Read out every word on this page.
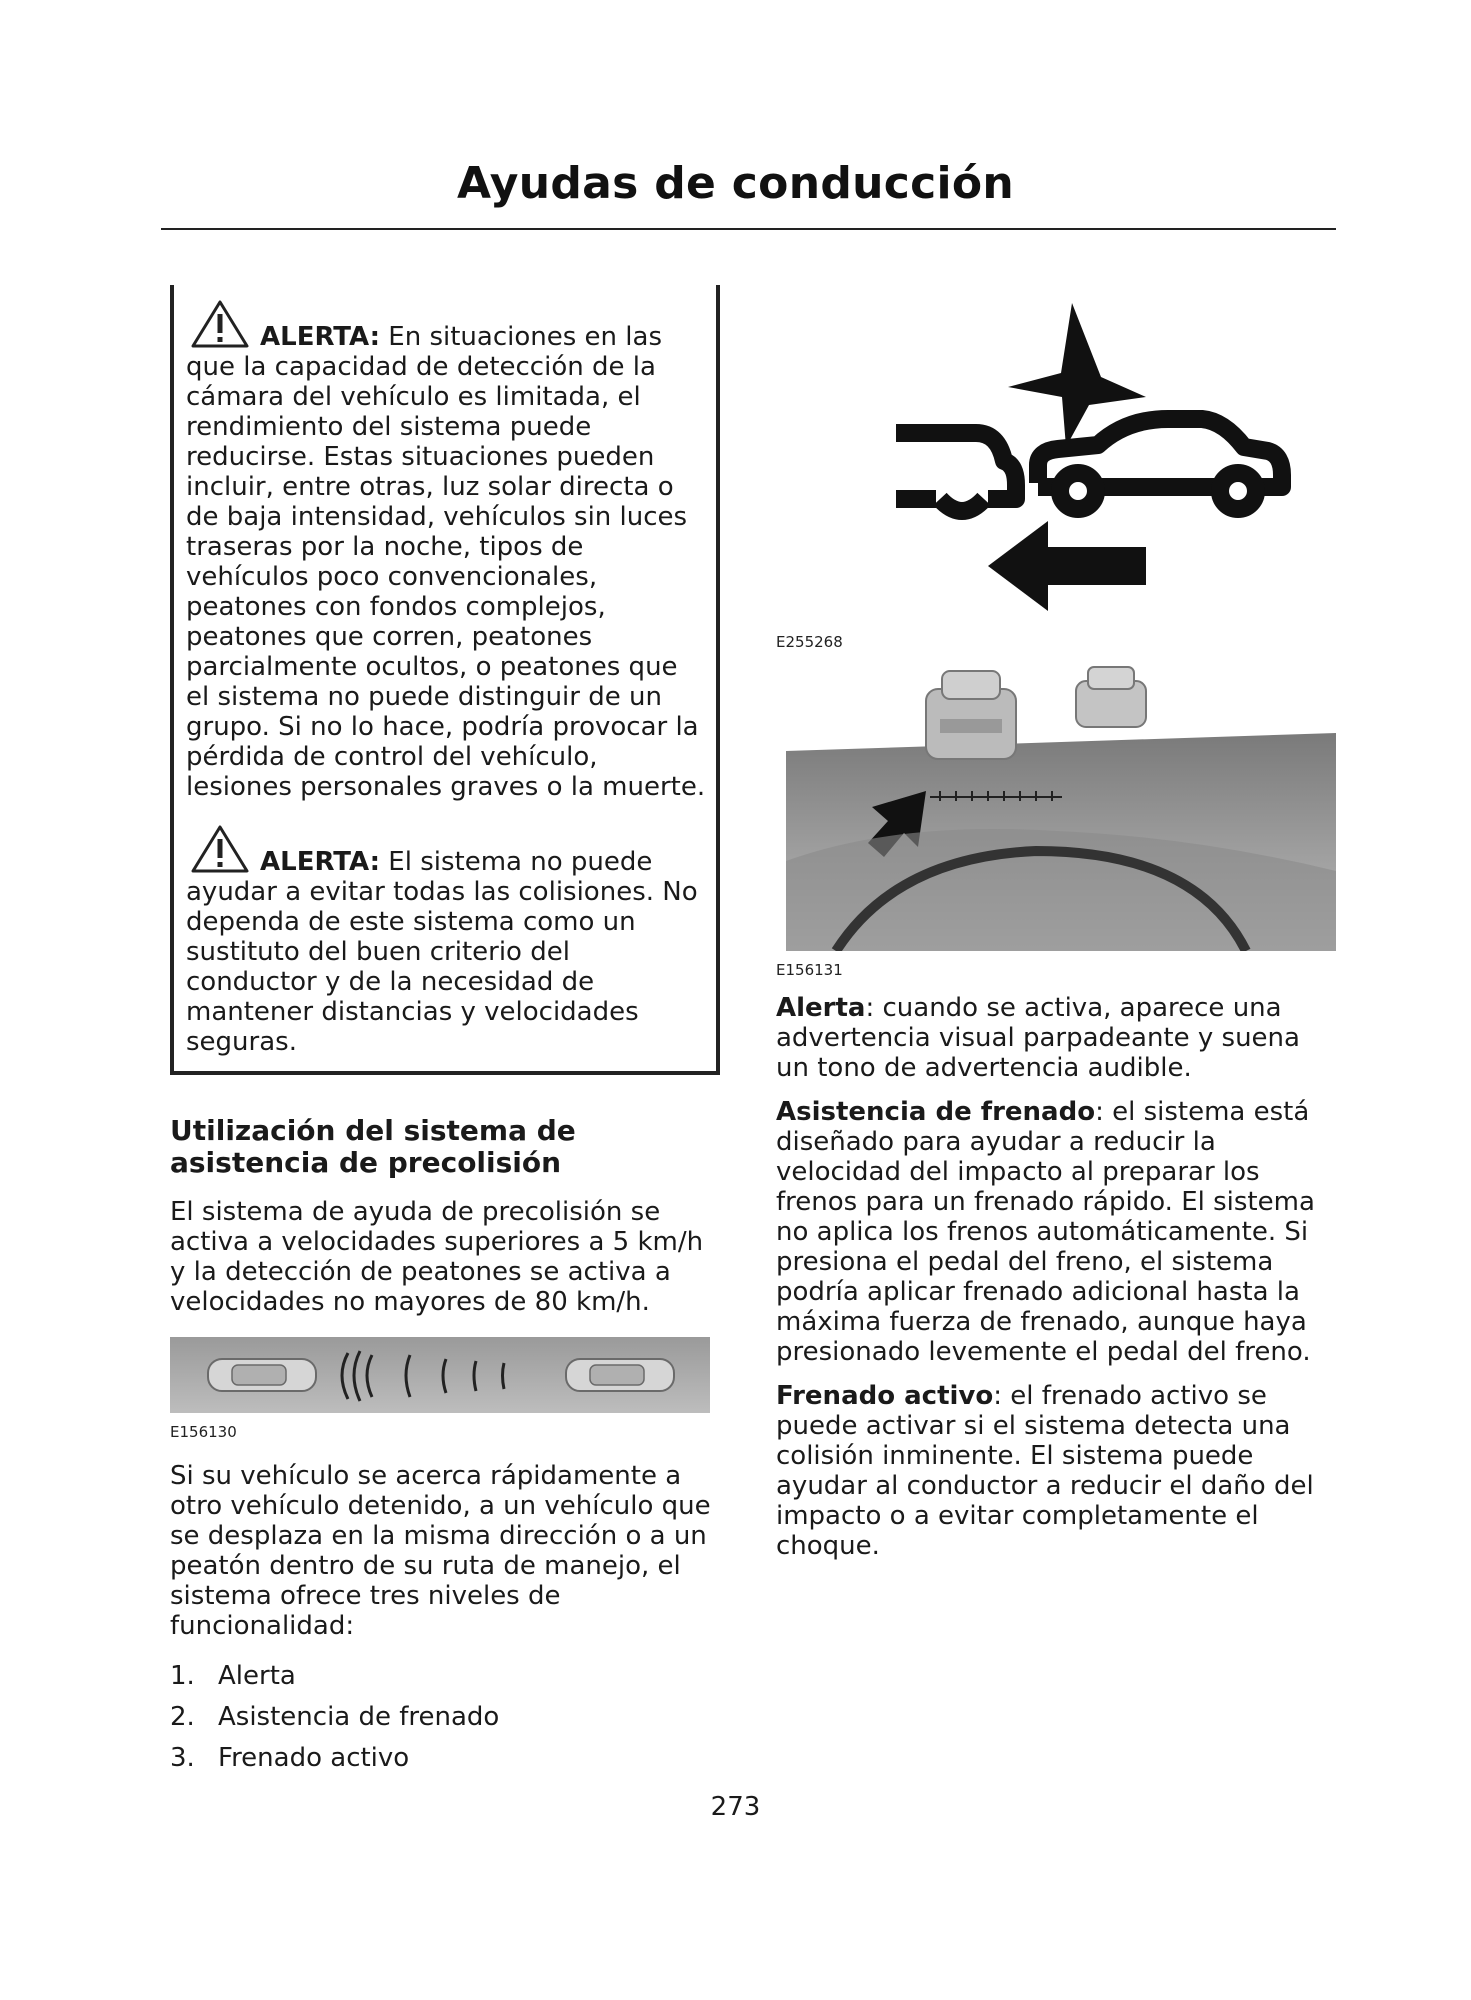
Ayudas de conducción
ALERTA: En situaciones en las que la capacidad de detección de la cámara del vehículo es limitada, el rendimiento del sistema puede reducirse. Estas situaciones pueden incluir, entre otras, luz solar directa o de baja intensidad, vehículos sin luces traseras por la noche, tipos de vehículos poco convencionales, peatones con fondos complejos, peatones que corren, peatones parcialmente ocultos, o peatones que el sistema no puede distinguir de un grupo. Si no lo hace, podría provocar la pérdida de control del vehículo, lesiones personales graves o la muerte.
ALERTA: El sistema no puede ayudar a evitar todas las colisiones. No dependa de este sistema como un sustituto del buen criterio del conductor y de la necesidad de mantener distancias y velocidades seguras.
Utilización del sistema de asistencia de precolisión

El sistema de ayuda de precolisión se activa a velocidades superiores a 5 km/h y la detección de peatones se activa a velocidades no mayores de 80 km/h.

E156130

Si su vehículo se acerca rápidamente a otro vehículo detenido, a un vehículo que se desplaza en la misma dirección o a un peatón dentro de su ruta de manejo, el sistema ofrece tres niveles de funcionalidad:

1. Alerta
2. Asistencia de frenado
3. Frenado activo
E255268
E156131

Alerta: cuando se activa, aparece una advertencia visual parpadeante y suena un tono de advertencia audible.

Asistencia de frenado: el sistema está diseñado para ayudar a reducir la velocidad del impacto al preparar los frenos para un frenado rápido. El sistema no aplica los frenos automáticamente. Si presiona el pedal del freno, el sistema podría aplicar frenado adicional hasta la máxima fuerza de frenado, aunque haya presionado levemente el pedal del freno.

Frenado activo: el frenado activo se puede activar si el sistema detecta una colisión inminente. El sistema puede ayudar al conductor a reducir el daño del impacto o a evitar completamente el choque.

273
